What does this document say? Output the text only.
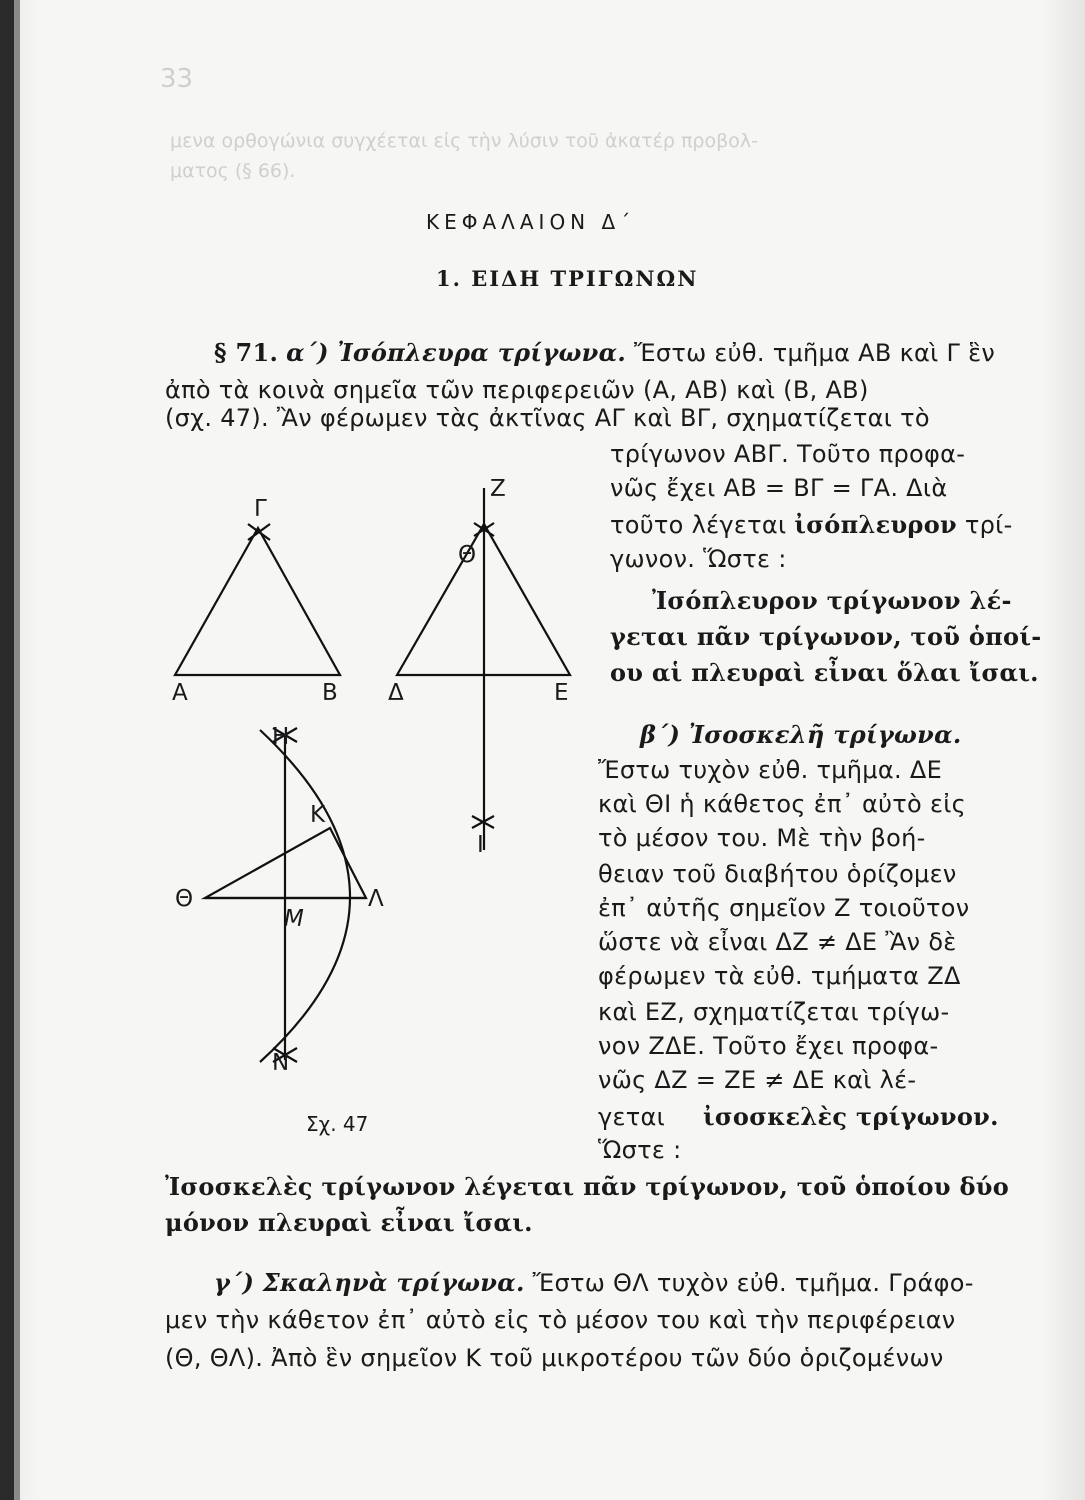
33
μενα ορθογώνια συγχέεται εἰς τὴν λύσιν τοῦ ἀκατέρ προβολ-
ματος (§ 66).
ΚΕΦΑΛΑΙΟΝ Δ΄
1. ΕΙΔΗ ΤΡΙΓΩΝΩΝ
§ 71. α΄) Ἰσόπλευρα τρίγωνα. Ἔστω εὐθ. τμῆμα ΑΒ καὶ Γ ἓν
ἀπὸ τὰ κοινὰ σημεῖα τῶν περιφερειῶν (Α, ΑΒ) καὶ (Β, ΑΒ)
(σχ. 47). Ἂν φέρωμεν τὰς ἀκτῖνας ΑΓ καὶ ΒΓ, σχηματίζεται τὸ
τρίγωνον ΑΒΓ. Τοῦτο προφα-
νῶς ἔχει ΑΒ = ΒΓ = ΓΑ. Διὰ
τοῦτο λέγεται ἰσόπλευρον τρί-
γωνον. Ὥστε :
Ἰσόπλευρον τρίγωνον λέ-
γεται πᾶν τρίγωνον, τοῦ ὁποί-
ου αἱ πλευραὶ εἶναι ὅλαι ἴσαι.
β΄) Ἰσοσκελῆ τρίγωνα.
Ἔστω τυχὸν εὐθ. τμῆμα. ΔΕ
καὶ ΘΙ ἡ κάθετος ἐπ᾽ αὐτὸ εἰς
τὸ μέσον του. Μὲ τὴν βοή-
θειαν τοῦ διαβήτου ὁρίζομεν
ἐπ᾽ αὐτῆς σημεῖον Ζ τοιοῦτον
ὥστε νὰ εἶναι ΔΖ ≠ ΔΕ Ἂν δὲ
φέρωμεν τὰ εὐθ. τμήματα ΖΔ
καὶ ΕΖ, σχηματίζεται τρίγω-
νον ΖΔΕ. Τοῦτο ἔχει προφα-
νῶς ΔΖ = ΖΕ ≠ ΔΕ καὶ λέ-
γεται ἰσοσκελὲς τρίγωνον.
Ὥστε :
Ἰσοσκελὲς τρίγωνον λέγεται πᾶν τρίγωνον, τοῦ ὁποίου δύο
μόνον πλευραὶ εἶναι ἴσαι.
γ΄) Σκαληνὰ τρίγωνα. Ἔστω ΘΛ τυχὸν εὐθ. τμῆμα. Γράφο-
μεν τὴν κάθετον ἐπ᾽ αὐτὸ εἰς τὸ μέσον του καὶ τὴν περιφέρειαν
(Θ, ΘΛ). Ἀπὸ ἓν σημεῖον Κ τοῦ μικροτέρου τῶν δύο ὁριζομένων
Γ
Α	Β
Ζ
Θ
Δ	Ε
Ι
Η
Κ
Θ
Μ
Λ
Ν
Σχ. 47
